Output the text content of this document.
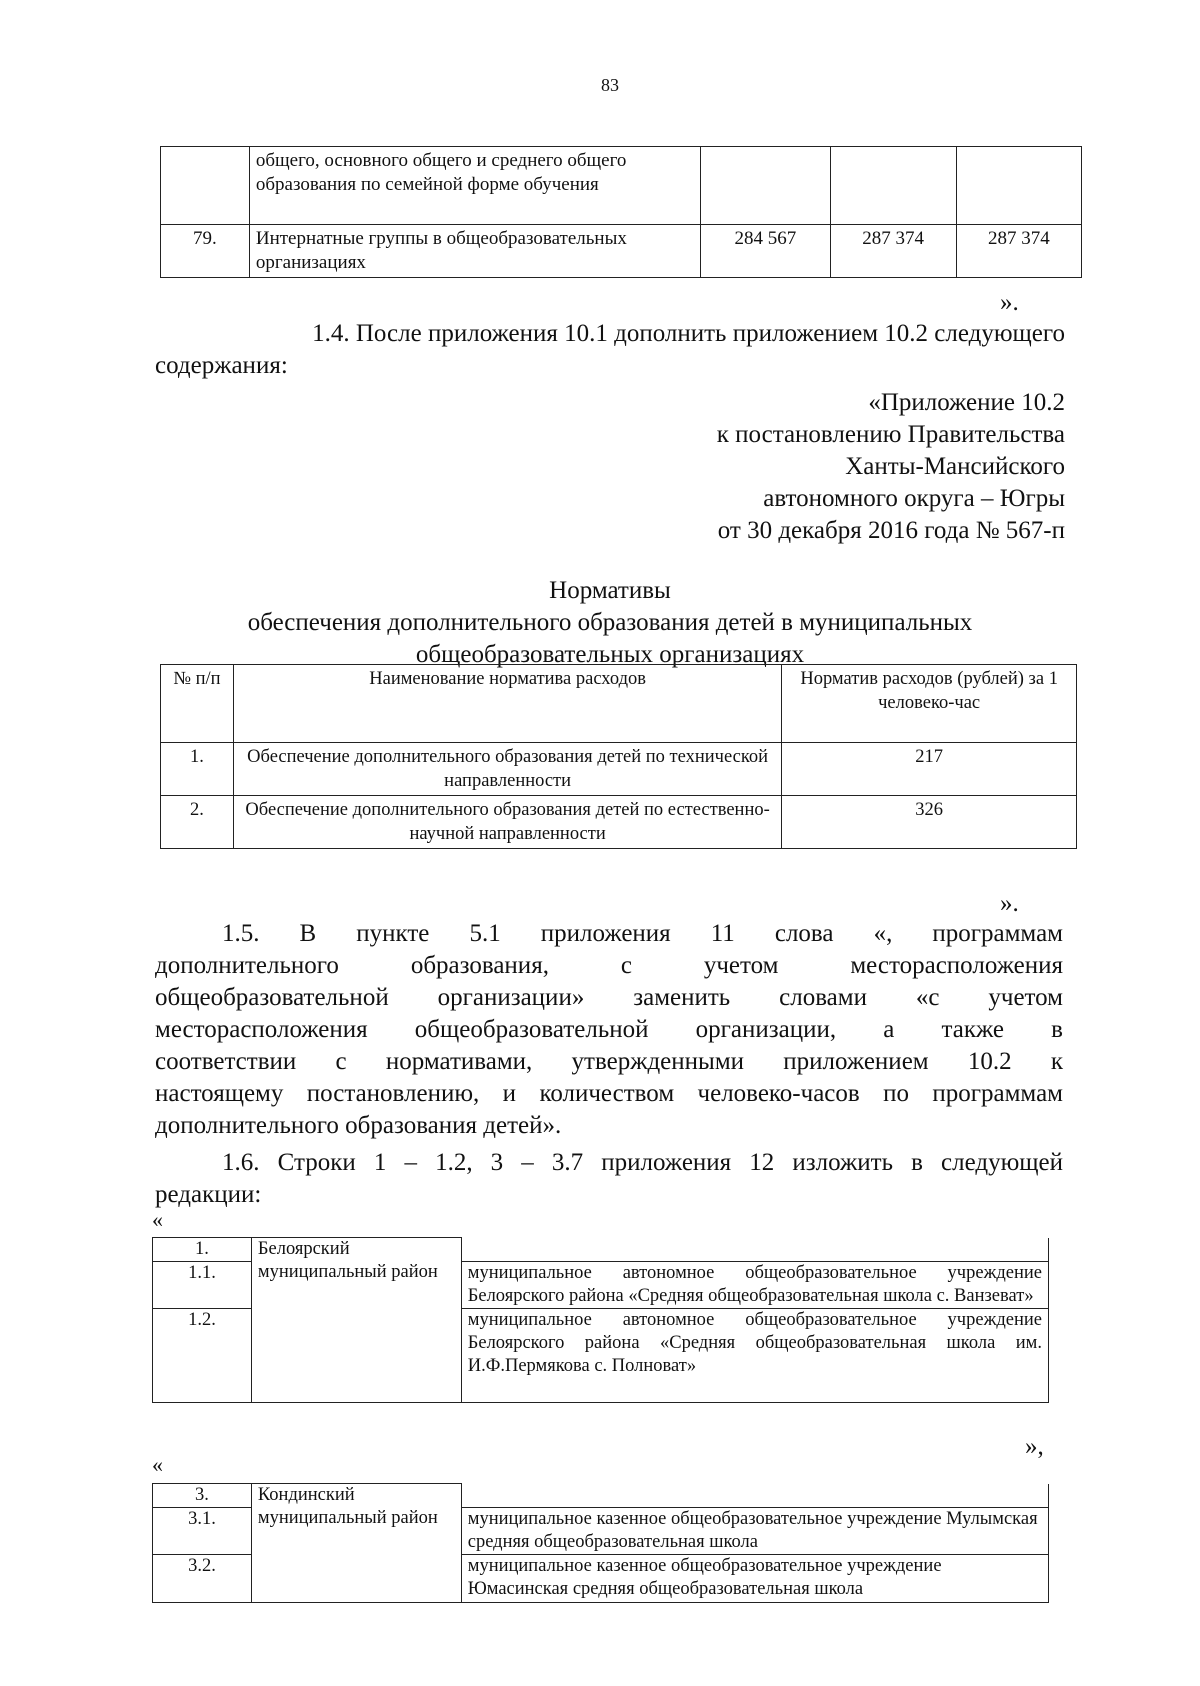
83
	общего, основного общего и среднего общего образования по семейной форме обучения			
79.	Интернатные группы в общеобразовательных организациях	284 567	287 374	287 374
».
1.4. После приложения 10.1 дополнить приложением 10.2 следующего
содержания:
«Приложение 10.2
к постановлению Правительства
Ханты-Мансийского
автономного округа – Югры
от 30 декабря 2016 года № 567-п
Нормативы
обеспечения дополнительного образования детей в муниципальных
общеобразовательных организациях
№ п/п	Наименование норматива расходов	Норматив расходов (рублей) за 1 человеко-час
1.	Обеспечение дополнительного образования детей по технической направленности	217
2.	Обеспечение дополнительного образования детей по естественно-научной направленности	326
».
1.5. В пункте 5.1 приложения 11 слова «, программам
дополнительного образования, с учетом месторасположения
общеобразовательной организации» заменить словами «с учетом
месторасположения общеобразовательной организации, а также в
соответствии с нормативами, утвержденными приложением 10.2 к
настоящему постановлению, и количеством человеко-часов по программам
дополнительного образования детей».
1.6. Строки 1 – 1.2, 3 – 3.7 приложения 12 изложить в следующей
редакции:
«
1.	Белоярский муниципальный район	
1.1.		муниципальное автономное общеобразовательное учреждение Белоярского района «Средняя общеобразовательная школа с. Ванзеват»

1.2.		муниципальное автономное общеобразовательное учреждение Белоярского района «Средняя общеобразовательная школа им. И.Ф.Пермякова с. Полноват»
»,
«
3.	Кондинский муниципальный район	
3.1.		муниципальное казенное общеобразовательное учреждение Мулымская средняя общеобразовательная школа
3.2.		муниципальное казенное общеобразовательное учреждение Юмасинская средняя общеобразовательная школа
